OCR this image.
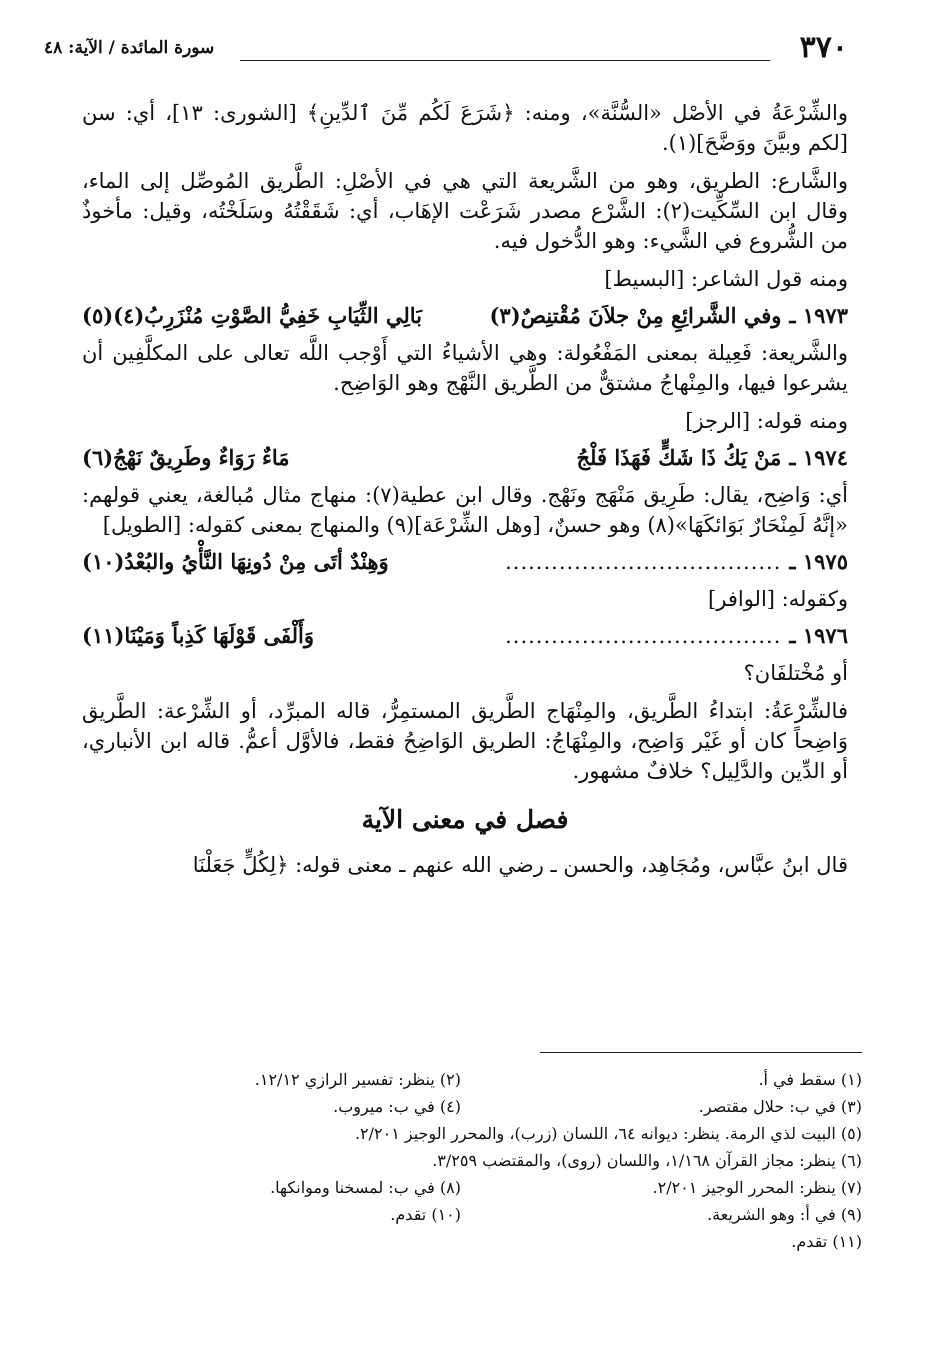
٣٧٠
سورة المائدة / الآية: ٤٨

والشِّرْعَةُ في الأصْل «السُّنَّة»، ومنه: ﴿شَرَعَ لَكُم مِّنَ ٱلدِّينِ﴾ [الشورى: ١٣]، أي: سن [لكم وبيَّنَ ووَضَّحَ](١).

والشَّارع: الطريق، وهو من الشَّريعة التي هي في الأصْلِ: الطَّريق المُوصِّل إلى الماء، وقال ابن السِّكِّيت(٢): الشَّرْع مصدر شَرَعْت الإهَاب، أي: شَقَقْتُهُ وسَلَخْتُه، وقيل: مأخوذٌ من الشُّروع في الشَّيء: وهو الدُّخول فيه.

ومنه قول الشاعر: [البسيط]

١٩٧٣ ـ
وفي الشَّرائِعِ مِنْ جلاَنَ مُقْتنِصٌ(٣)
بَالِي الثِّيَابِ خَفِيُّ الصَّوْتِ مُنْزَرِبُ(٤)(٥)

والشَّريعة: فَعِيلة بمعنى المَفْعُولة: وهي الأشياءُ التي أَوْجب اللَّه تعالى على المكلَّفِين أن يشرعوا فيها، والمِنْهاجُ مشتقٌّ من الطَّريق النَّهْج وهو الوَاضِح.

ومنه قوله: [الرجز]

١٩٧٤ ـ
مَنْ يَكُ ذَا شَكٍّ فَهَذَا فَلْجُ
مَاءٌ رَوَاءٌ وطَرِيقٌ نَهْجُ(٦)

أي: وَاضِح، يقال: طَرِيق مَنْهَج ونَهْج. وقال ابن عطية(٧): منهاج مثال مُبالغة، يعني قولهم: «إنَّهُ لَمِنْحَارٌ بَوَائكَهَا»(٨) وهو حسنٌ، [وهل الشِّرْعَة](٩) والمنهاج بمعنى كقوله: [الطويل]

١٩٧٥ ـ
....................................
وَهِنْدٌ أتَى مِنْ دُونِهَا النَّأْيُ والبُعْدُ(١٠)

وكقوله: [الوافر]

١٩٧٦ ـ
....................................
وَأَلْفَى قَوْلَهَا كَذِباً وَمَيْنَا(١١)

أو مُخْتلفَان؟

فالشِّرْعَةُ: ابتداءُ الطَّريق، والمِنْهَاج الطَّريق المستمِرُّ، قاله المبرِّد، أو الشِّرْعة: الطَّريق وَاضِحاً كان أو غَيْر وَاضِح، والمِنْهَاجُ: الطريق الوَاضِحُ فقط، فالأوَّل أعمُّ. قاله ابن الأنباري، أو الدِّين والدَّلِيل؟ خلافٌ مشهور.

فصل في معنى الآية

قال ابنُ عبَّاس، ومُجَاهِد، والحسن ـ رضي الله عنهم ـ معنى قوله: ﴿لِكُلٍّ جَعَلْنَا

(١) سقط في أ.
(٢) ينظر: تفسير الرازي ١٢/١٢.
(٣) في ب: حلال مقتصر.
(٤) في ب: ميروب.
(٥) البيت لذي الرمة. ينظر: ديوانه ٦٤، اللسان (زرب)، والمحرر الوجيز ٢/٢٠١.
(٦) ينظر: مجاز القرآن ١/١٦٨، واللسان (روى)، والمقتضب ٣/٢٥٩.
(٧) ينظر: المحرر الوجيز ٢/٢٠١.
(٨) في ب: لمسخنا وموانكها.
(٩) في أ: وهو الشريعة.
(١٠) تقدم.
(١١) تقدم.
